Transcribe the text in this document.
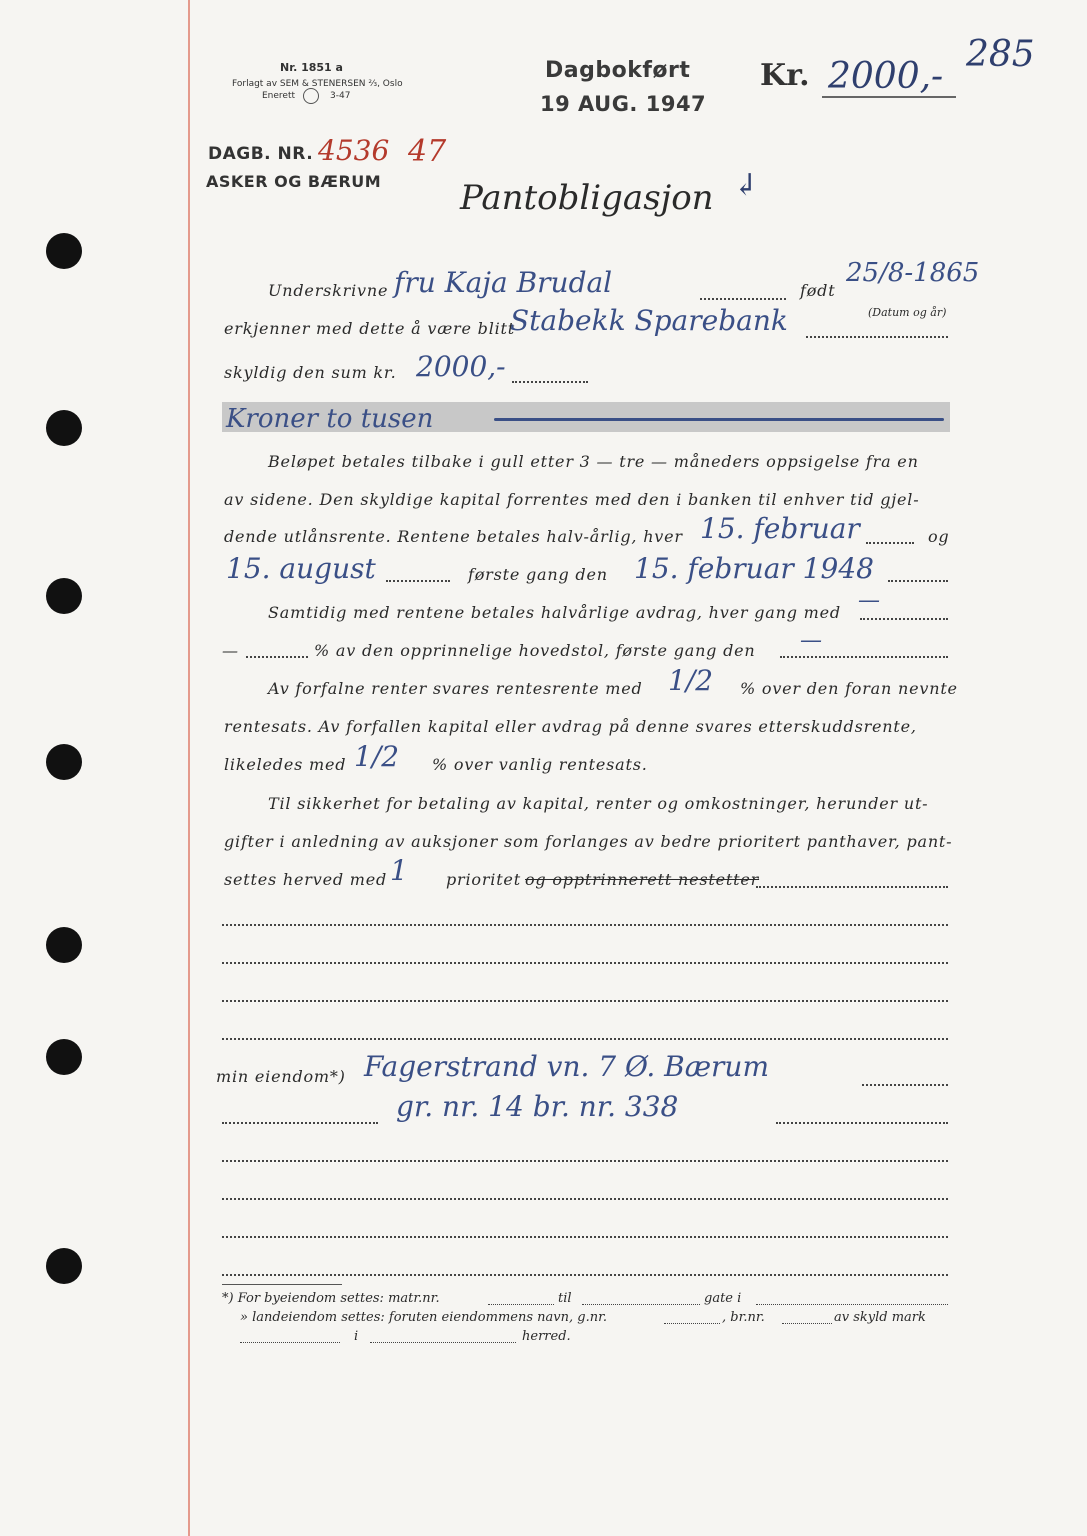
Nr. 1851 a
Forlagt av SEM & STENERSEN ⅔, Oslo
Enerett	3-47
Dagbokført
19 AUG. 1947
Kr. 2000,-
285
DAGB. NR. 4536 47
ASKER OG BÆRUM Pantobligasjon ↲
Underskrivne fru Kaja Brudal	født
25/8-1865
(Datum og år)
erkjenner med dette å være blitt
Stabekk Sparebank
skyldig den sum kr. 2000,-
Kroner to tusen
Beløpet betales tilbake i gull etter 3 — tre — måneders oppsigelse fra en
av sidene. Den skyldige kapital forrentes med den i banken til enhver tid gjel-
dende utlånsrente. Rentene betales halv-årlig, hver 15. februar	og
15. august	første gang den 15. februar 1948
Samtidig med rentene betales halvårlige avdrag, hver gang med —
—	% av den opprinnelige hovedstol, første gang den —
Av forfalne renter svares rentesrente med 1/2 % over den foran nevnte
rentesats. Av forfallen kapital eller avdrag på denne svares etterskuddsrente,
likeledes med 1/2 % over vanlig rentesats.
Til sikkerhet for betaling av kapital, renter og omkostninger, herunder ut-
gifter i anledning av auksjoner som forlanges av bedre prioritert panthaver, pant-
settes herved med 1 prioritet og opptrinnerett nestetter
min eiendom*) Fagerstrand vn. 7 Ø. Bærum
gr. nr. 14 br. nr. 338
*) For byeiendom settes: matr.nr.	til	gate i
» landeiendom settes: foruten eiendommens navn, g.nr.	, br.nr.	av skyld mark
i	herred.
